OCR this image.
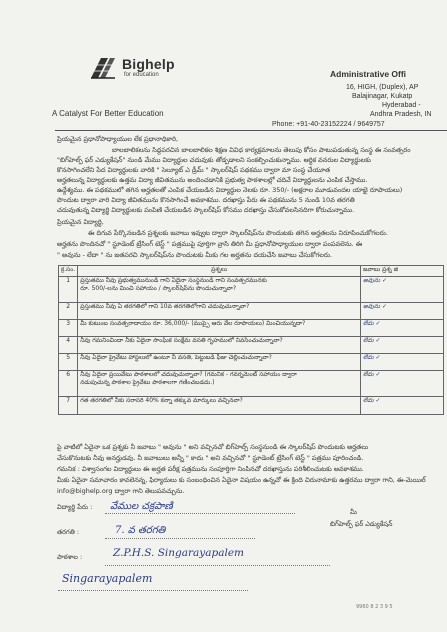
Bighelp
for education
A Catalyst For Better Education
Administrative Offi
16, HIGH, (Duplex), AP
Balajinagar, Kukatp
Hyderabad -
Andhra Pradesh, IN
Phone: +91-40-23152224 / 9649757
ప్రియమైన ప్రధానోపాధ్యాయుల లేక ప్రధానాధికారి,
బాలబాలికలను సిద్దపరచిన బాలబాలికల శిక్షణ వివిధ కార్యక్రమాలను తెలుపు కోసం పాటుపడుతున్న సంస్థ ఈ సంవత్సరం
"బిగ్‌హెల్ప్ ఫర్ ఎడ్యుకేషన్" నుండి మేము విద్యార్థుల చదువుకు తోడ్పడాలని సంకల్పించుకున్నాము. ఆర్థిక వనరుల విద్యార్థులకు
కొనసాగించలేని పేద విద్యార్థులకు వారికి " సెల్యూట్ ఎ డ్రీమ్ " స్కాలర్‌షిప్ పథకము ద్వారా మా సంస్థ చేయూత
అర్హతలున్న విద్యార్థులకు ఉత్తమ విద్యా జీవితమును అందించడానికి ప్రభుత్వ పాఠశాలల్లో చదివే విద్యార్థులను ఎంపిక చేస్తాము.
ఉద్దేశ్యము. ఈ పథకములో తగిన అర్హతలతో ఎంపిక చేయబడిన విద్యార్థుల నెలకు రూ. 350/- (అక్షరాల మూడువందల యాభై రూపాయలు)
పొందుట ద్వారా వారి విద్యా జీవితమును కొనసాగించే అవకాశము. దరఖాస్తు పేరు ఈ పథకమును 5 నుండి 10వ తరగతి
చదువుతున్న విద్యార్థి విద్యార్థులకు పంపిణి చేయబడిన స్కాలర్‌షిప్ కోసము దరఖాస్తు చేసుకోవలసినదిగా కోరుచున్నాము.
ప్రియమైన విద్యార్థి,
ఈ దిగువ పేర్కొనబడిన ప్రశ్నలకు జవాబు ఇవ్వుట ద్వారా స్కాలర్‌షిప్‌ను పొందుటకు తగిన అర్హతలను నిరూపించుకోగలరు.
అర్హతను పొందినచో " స్టూడెంట్ ట్రేసింగ్ టెస్ట్ " పత్రముపై పూర్తిగా వ్రాసి తిరిగి మీ ప్రధానోపాధ్యాయుల ద్వారా పంపవలెను. ఈ
" అవును - లేదా " ను జతపరచి స్కాలర్‌షిప్‌ను పొందుటకు మీకు గల అర్హతను దయచేసి జవాబు చేసుకోగలరు.
క్ర.సం.	ప్రశ్నలు	జవాబు ప్రశ్న జి
1	ప్రస్తుతము నీవు ప్రభుత్వమునుండి గాని ఏదైనా సంస్థనుండి గాని సంవత్సరమునకు
రూ. 500/-లను మించి సహాయం / స్కాలర్‌షిప్‌ను పొందుచున్నావా?	అవును ✓
2	ప్రస్తుతము నీవు ఏ తరగతిలో గాని 10వ తరగతిలోగాని చదువుచున్నావా?	అవును ✓
3	మీ కుటుంబ సంవత్సరాదాయం రూ. 36,000/- (ముప్పై ఆరు వేల రూపాయలు) మించియున్నదా?	లేదు ✓
4	నీవు గమనించిందా నీకు ఏదైనా సాంఘిక సంక్షేమ వసతి గృహములో నివసించుచున్నావా?	లేదు ✓
5	నీవు ఏదైనా ప్రైవేటు హాస్టలులో ఉంటూ నీ వసతి, పెట్టుబడి ఫీజు చెల్లించుచున్నావా?	లేదు ✓
6	నీవు ఏదైనా ప్రయివేటు పాఠశాలలో చదువుచున్నావా? (గమనిక - గవర్నమెంట్ సహాయం ద్వారా
నడుపుచున్న పాఠశాల ప్రైవేటు పాఠశాలగా గణించబడదు.)	లేదు ✓
7	గత తరగతిలో నీకు సరాసరి 40% కన్నా తక్కువ మార్కులు వచ్చినవా?	లేదు ✓
పై వాటిలో ఏదైనా ఒక ప్రశ్నకు నీ జవాబు " అవును " అని వచ్చినచో బిగ్‌హెల్ప్ సంస్థనుండి ఈ స్కాలర్‌షిప్‌ పొందుటకు అర్హతలు
చేసుకొనుటకు నీవు అనర్హుడవు. నీ జవాబులు అన్నీ " కాదు " అని వచ్చినచో " స్టూడెంట్ ట్రేసింగ్ టెస్ట్ " పత్రము పూరించండి.
గమనిక : విశ్వాసంగల విద్యార్థులు ఈ అర్హత పరీక్ష పత్రమును సంపూర్తిగా నింపినచో దరఖాస్తును పరిశీలించుటకు అవకాశము.
మీకు ఏదైనా సమాచారం కావలెనన్న, ఫిర్యాదులు కు సంబంధించిన ఏదైనా విషయం ఉన్నచో ఈ క్రింది చిరునామాకు ఉత్తరము ద్వారా గాని, ఈ-మెయిల్
info@bighelp.org ద్వారా గాని తెలుపవచ్చును.
విద్యార్థి పేరు : వేముల చక్రపాణి	మీ
బిగ్‌హెల్ప్ ఫర్ ఎడ్యుకేషన్
తరగతి :	7. వ తరగతి
పాఠశాల :	Z.P.H.S. Singarayapalem
Singarayapalem
9960 8 2 3 9 5
